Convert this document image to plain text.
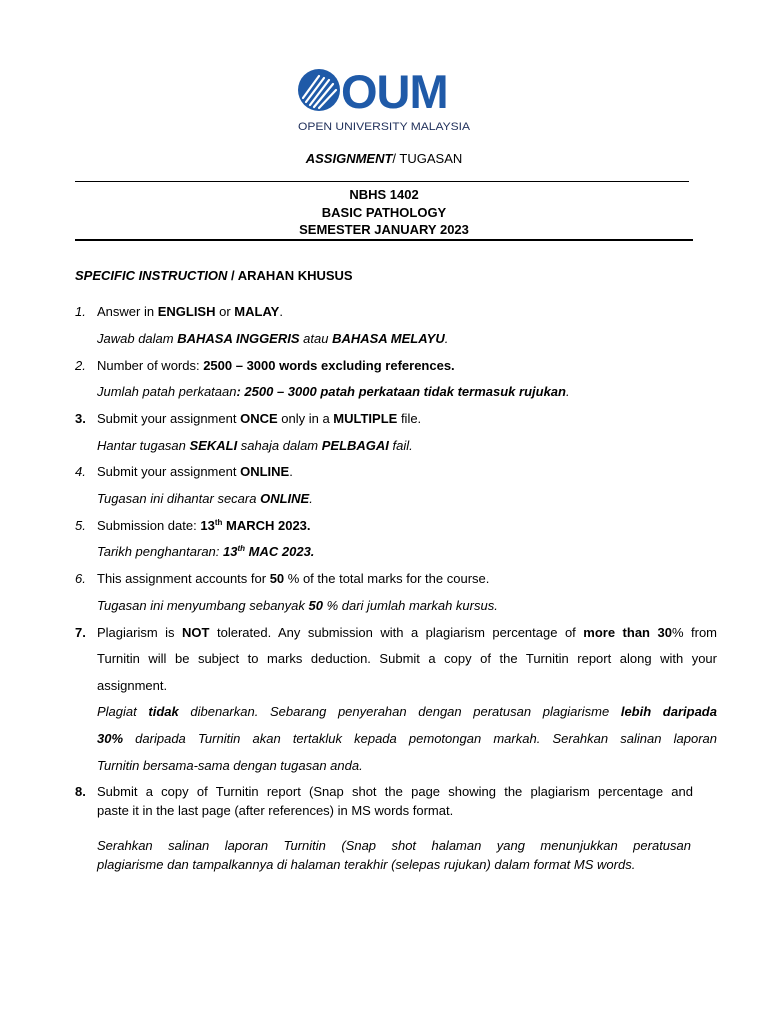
OUM
OPEN UNIVERSITY MALAYSIA
ASSIGNMENT/ TUGASAN
NBHS 1402
BASIC PATHOLOGY
SEMESTER JANUARY 2023
SPECIFIC INSTRUCTION / ARAHAN KHUSUS
1. Answer in ENGLISH or MALAY.
Jawab dalam BAHASA INGGERIS atau BAHASA MELAYU.
2. Number of words: 2500 – 3000 words excluding references.
Jumlah patah perkataan: 2500 – 3000 patah perkataan tidak termasuk rujukan.
3. Submit your assignment ONCE only in a MULTIPLE file.
Hantar tugasan SEKALI sahaja dalam PELBAGAI fail.
4. Submit your assignment ONLINE.
Tugasan ini dihantar secara ONLINE.
5. Submission date: 13th MARCH 2023.
Tarikh penghantaran: 13th MAC 2023.
6. This assignment accounts for 50 % of the total marks for the course.
Tugasan ini menyumbang sebanyak 50 % dari jumlah markah kursus.
7. Plagiarism is NOT tolerated. Any submission with a plagiarism percentage of more than 30% from
Turnitin will be subject to marks deduction. Submit a copy of the Turnitin report along with your
assignment.
Plagiat tidak dibenarkan. Sebarang penyerahan dengan peratusan plagiarisme lebih daripada
30% daripada Turnitin akan tertakluk kepada pemotongan markah. Serahkan salinan laporan
Turnitin bersama-sama dengan tugasan anda.
8. Submit a copy of Turnitin report (Snap shot the page showing the plagiarism percentage and
paste it in the last page (after references) in MS words format.
Serahkan salinan laporan Turnitin (Snap shot halaman yang menunjukkan peratusan
plagiarisme dan tampalkannya di halaman terakhir (selepas rujukan) dalam format MS words.
